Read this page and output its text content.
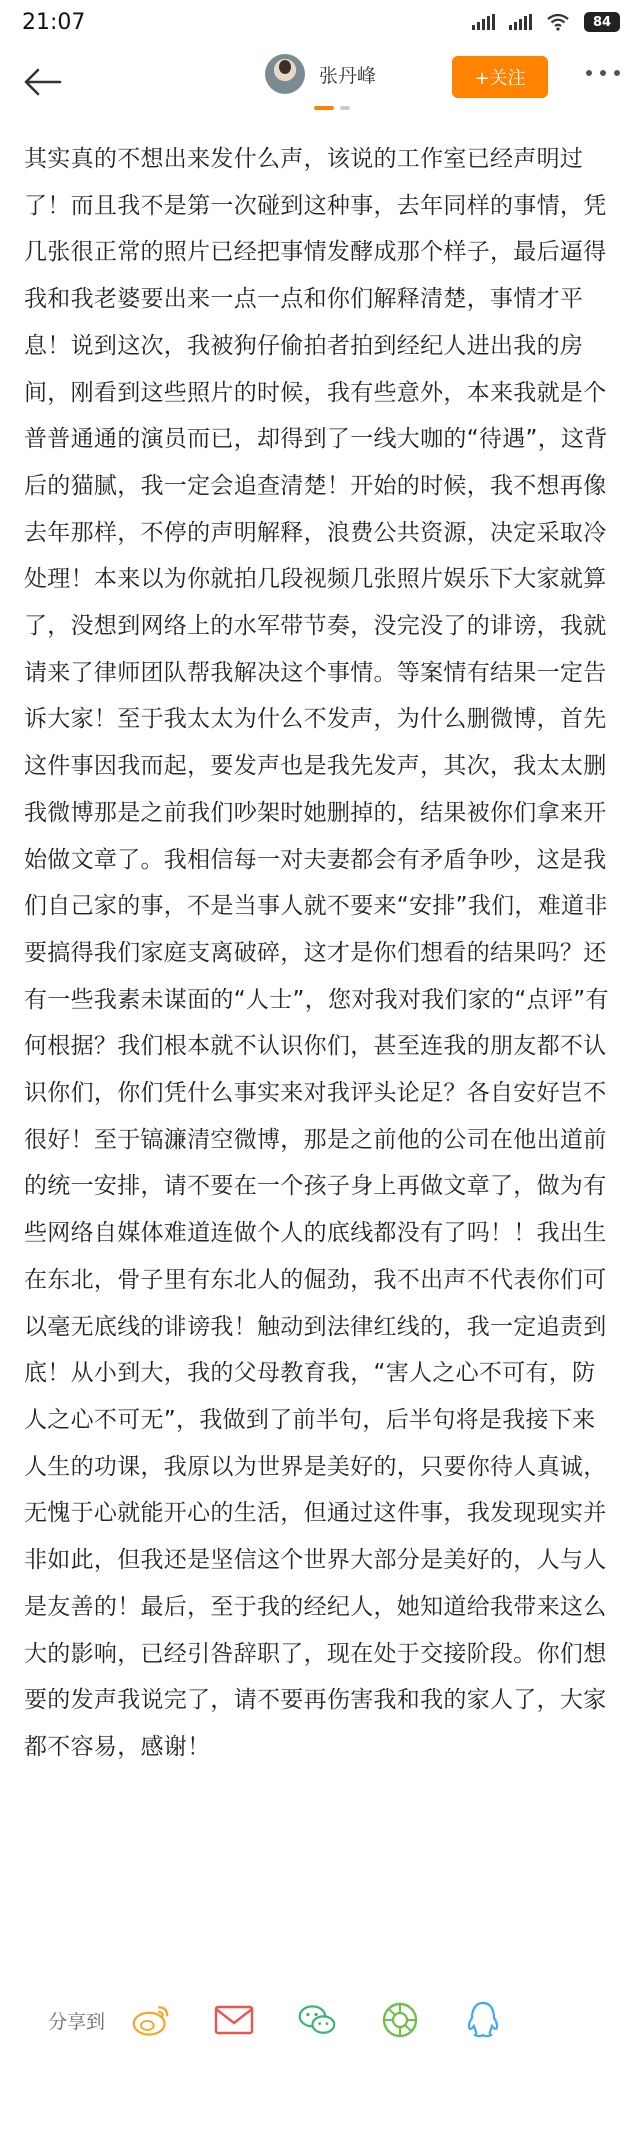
21:07	84
张丹峰	+关注
其实真的不想出来发什么声，该说的工作室已经声明过了！而且我不是第一次碰到这种事，去年同样的事情，凭几张很正常的照片已经把事情发酵成那个样子，最后逼得我和我老婆要出来一点一点和你们解释清楚，事情才平息！说到这次，我被狗仔偷拍者拍到经纪人进出我的房间，刚看到这些照片的时候，我有些意外，本来我就是个普普通通的演员而已，却得到了一线大咖的“待遇”，这背后的猫腻，我一定会追查清楚！开始的时候，我不想再像去年那样，不停的声明解释，浪费公共资源，决定采取冷处理！本来以为你就拍几段视频几张照片娱乐下大家就算了，没想到网络上的水军带节奏，没完没了的诽谤，我就请来了律师团队帮我解决这个事情。等案情有结果一定告诉大家！至于我太太为什么不发声，为什么删微博，首先这件事因我而起，要发声也是我先发声，其次，我太太删我微博那是之前我们吵架时她删掉的，结果被你们拿来开始做文章了。我相信每一对夫妻都会有矛盾争吵，这是我们自己家的事，不是当事人就不要来“安排”我们，难道非要搞得我们家庭支离破碎，这才是你们想看的结果吗？还有一些我素未谋面的“人士”，您对我对我们家的“点评”有何根据？我们根本就不认识你们，甚至连我的朋友都不认识你们，你们凭什么事实来对我评头论足？各自安好岂不很好！至于镐濂清空微博，那是之前他的公司在他出道前的统一安排，请不要在一个孩子身上再做文章了，做为有些网络自媒体难道连做个人的底线都没有了吗！！我出生在东北，骨子里有东北人的倔劲，我不出声不代表你们可以毫无底线的诽谤我！触动到法律红线的，我一定追责到底！从小到大，我的父母教育我，“害人之心不可有，防人之心不可无”，我做到了前半句，后半句将是我接下来人生的功课，我原以为世界是美好的，只要你待人真诚，无愧于心就能开心的生活，但通过这件事，我发现现实并非如此，但我还是坚信这个世界大部分是美好的，人与人是友善的！最后，至于我的经纪人，她知道给我带来这么大的影响，已经引咎辞职了，现在处于交接阶段。你们想要的发声我说完了，请不要再伤害我和我的家人了，大家都不容易，感谢！
分享到
